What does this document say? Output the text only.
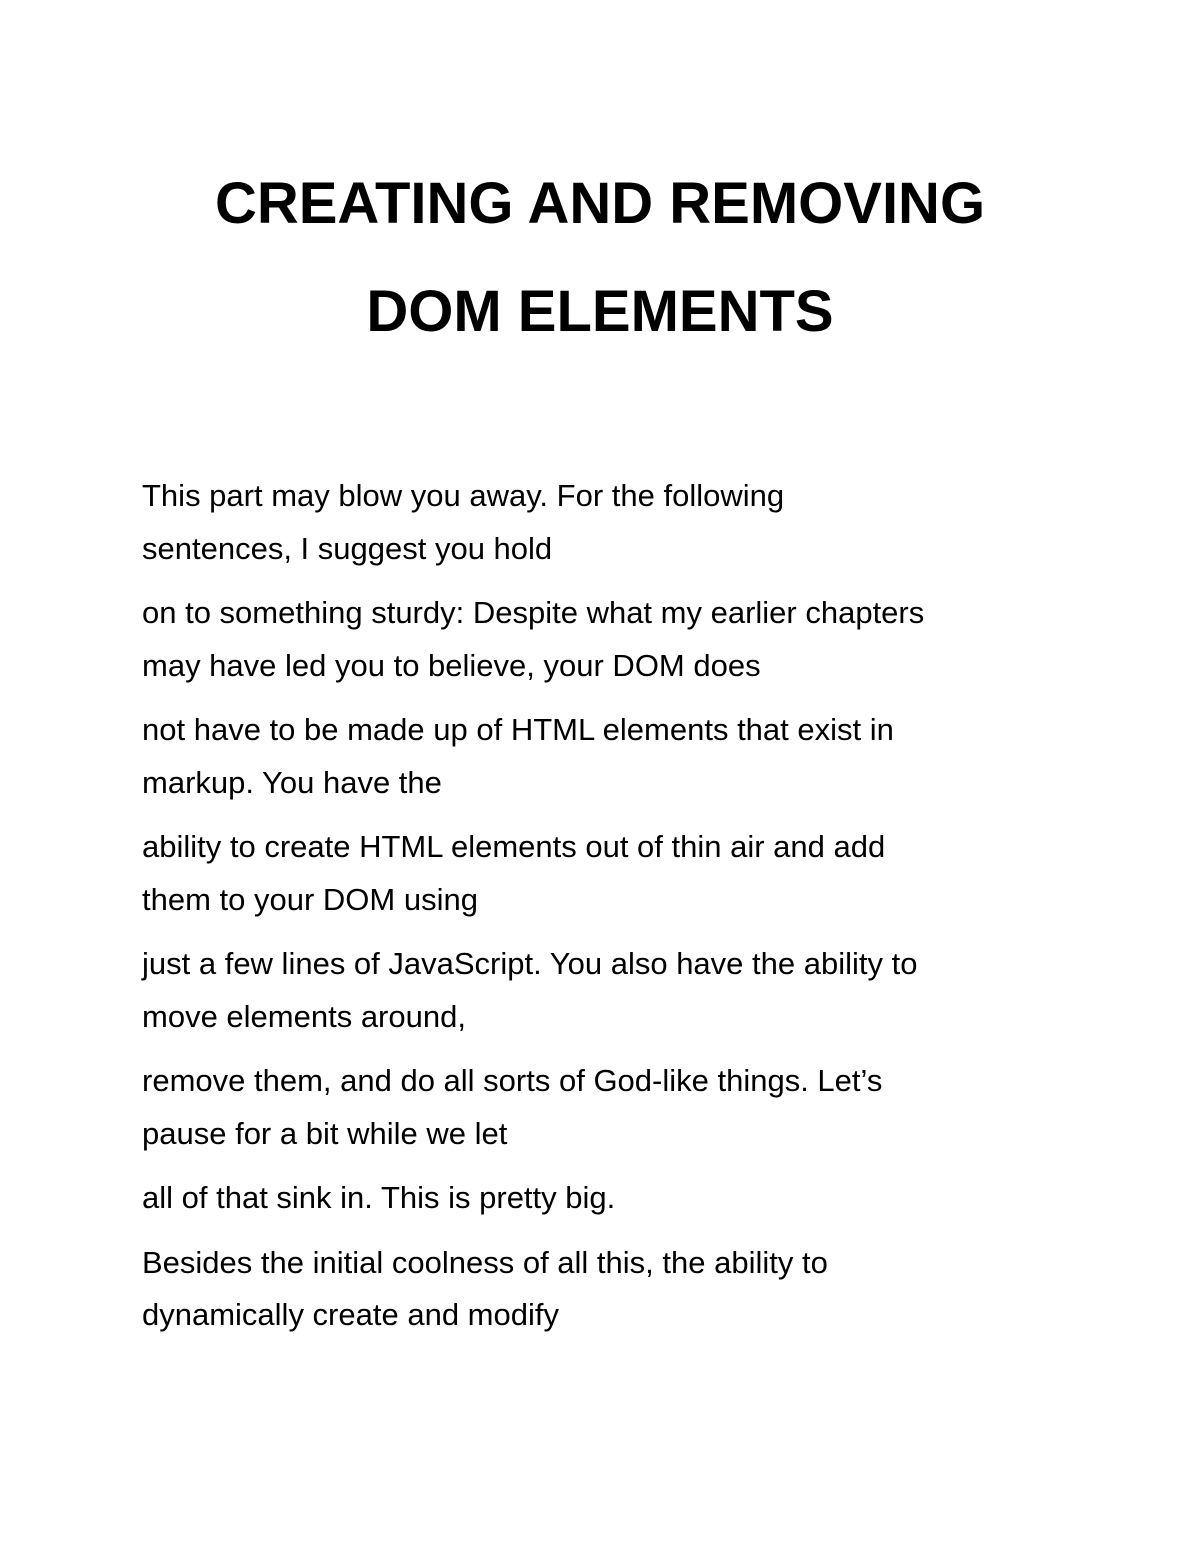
CREATING AND REMOVING
DOM ELEMENTS

This part may blow you away. For the following
sentences, I suggest you hold

on to something sturdy: Despite what my earlier chapters
may have led you to believe, your DOM does

not have to be made up of HTML elements that exist in
markup. You have the

ability to create HTML elements out of thin air and add
them to your DOM using

just a few lines of JavaScript. You also have the ability to
move elements around,

remove them, and do all sorts of God-like things. Let’s
pause for a bit while we let

all of that sink in. This is pretty big.

Besides the initial coolness of all this, the ability to
dynamically create and modify
